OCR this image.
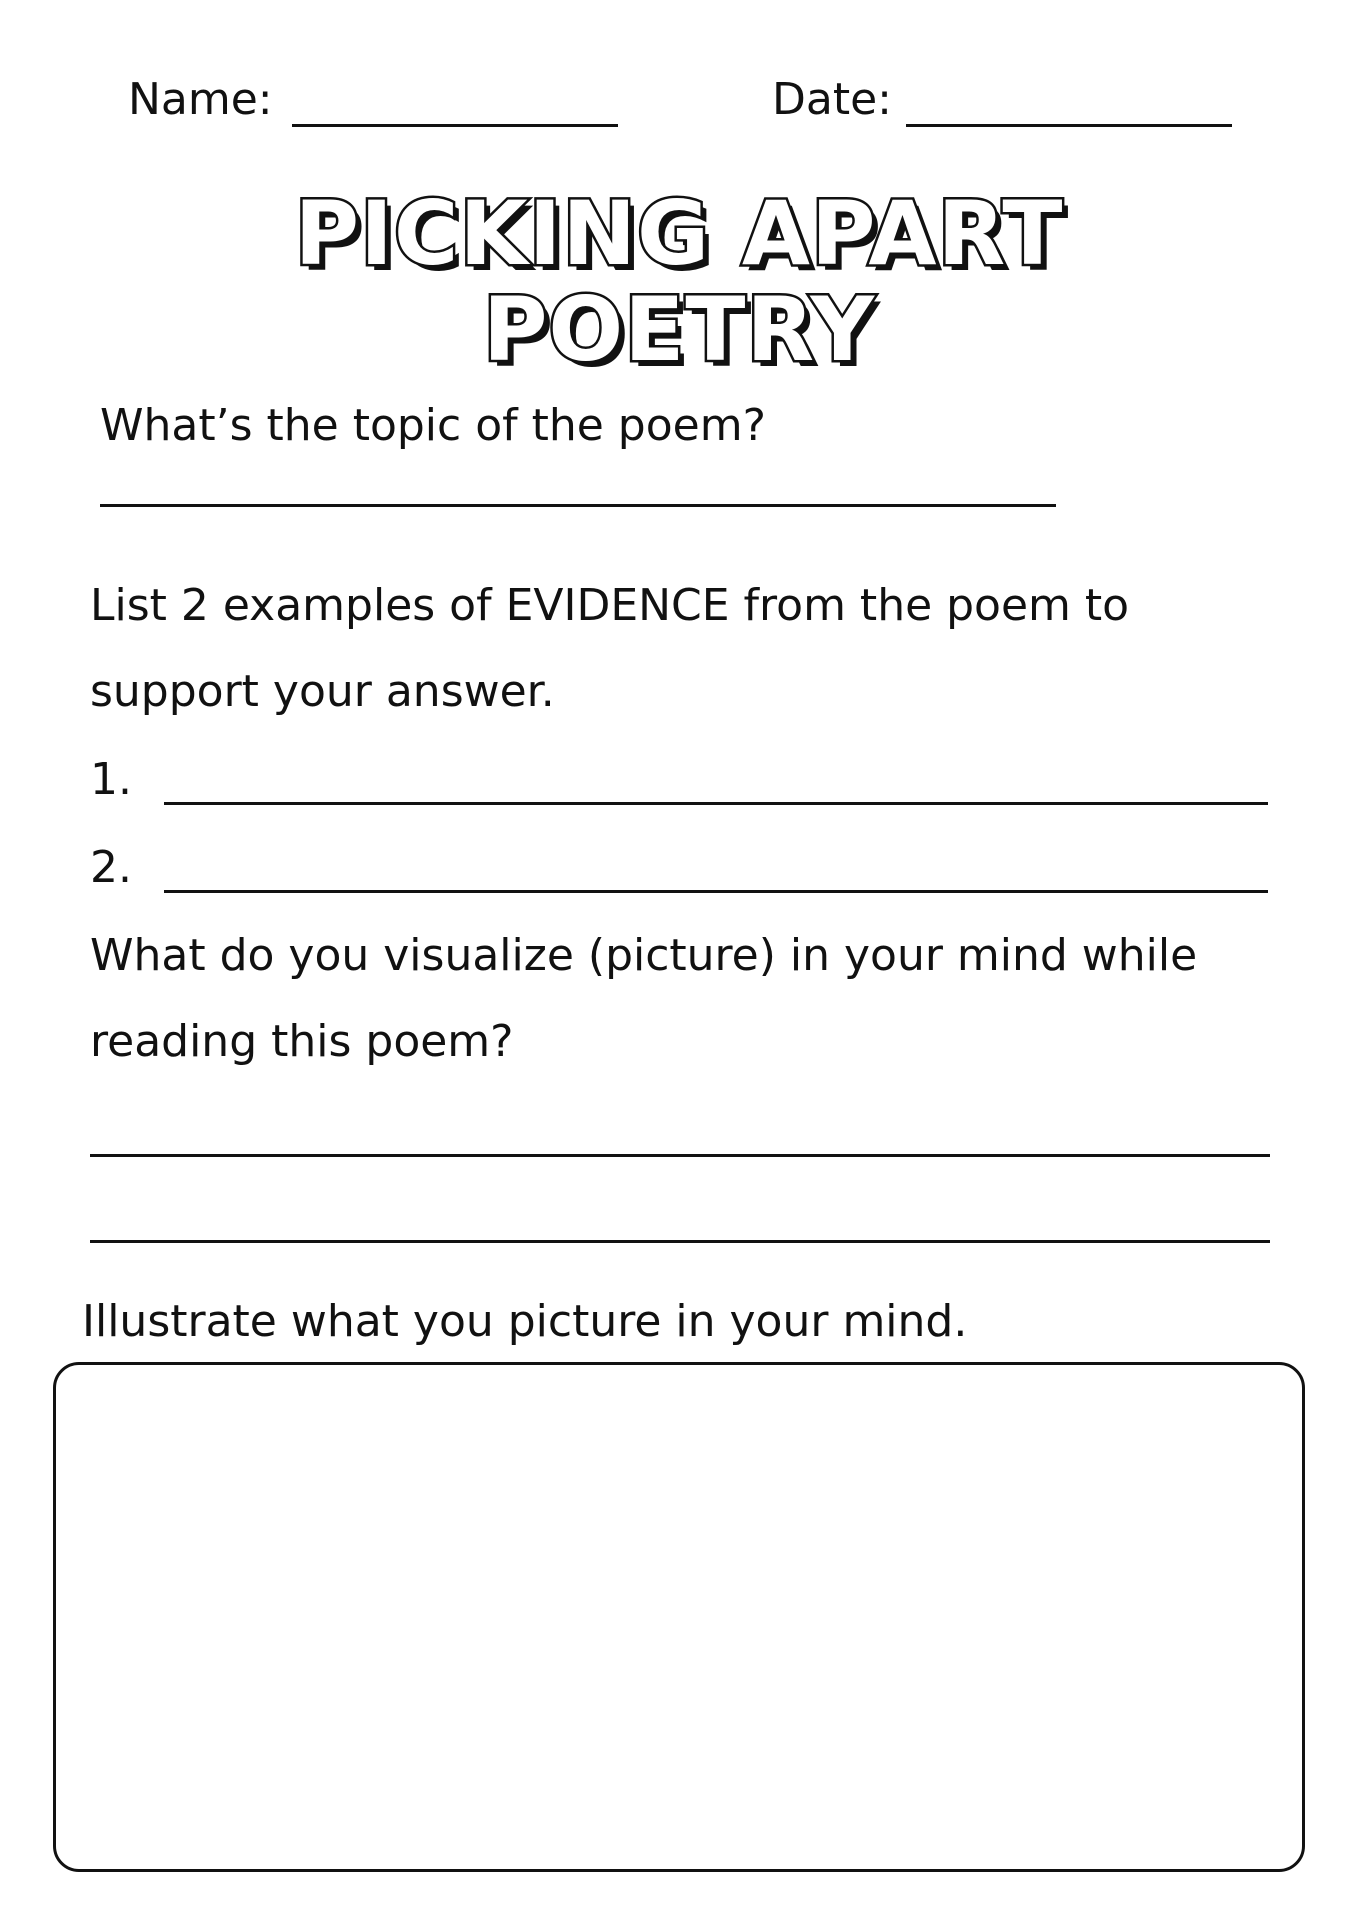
Name:	Date:
PICKING APART
POETRY
What’s the topic of the poem?
List 2 examples of EVIDENCE from the poem to
support your answer.
1.
2.
What do you visualize (picture) in your mind while
reading this poem?
Illustrate what you picture in your mind.
